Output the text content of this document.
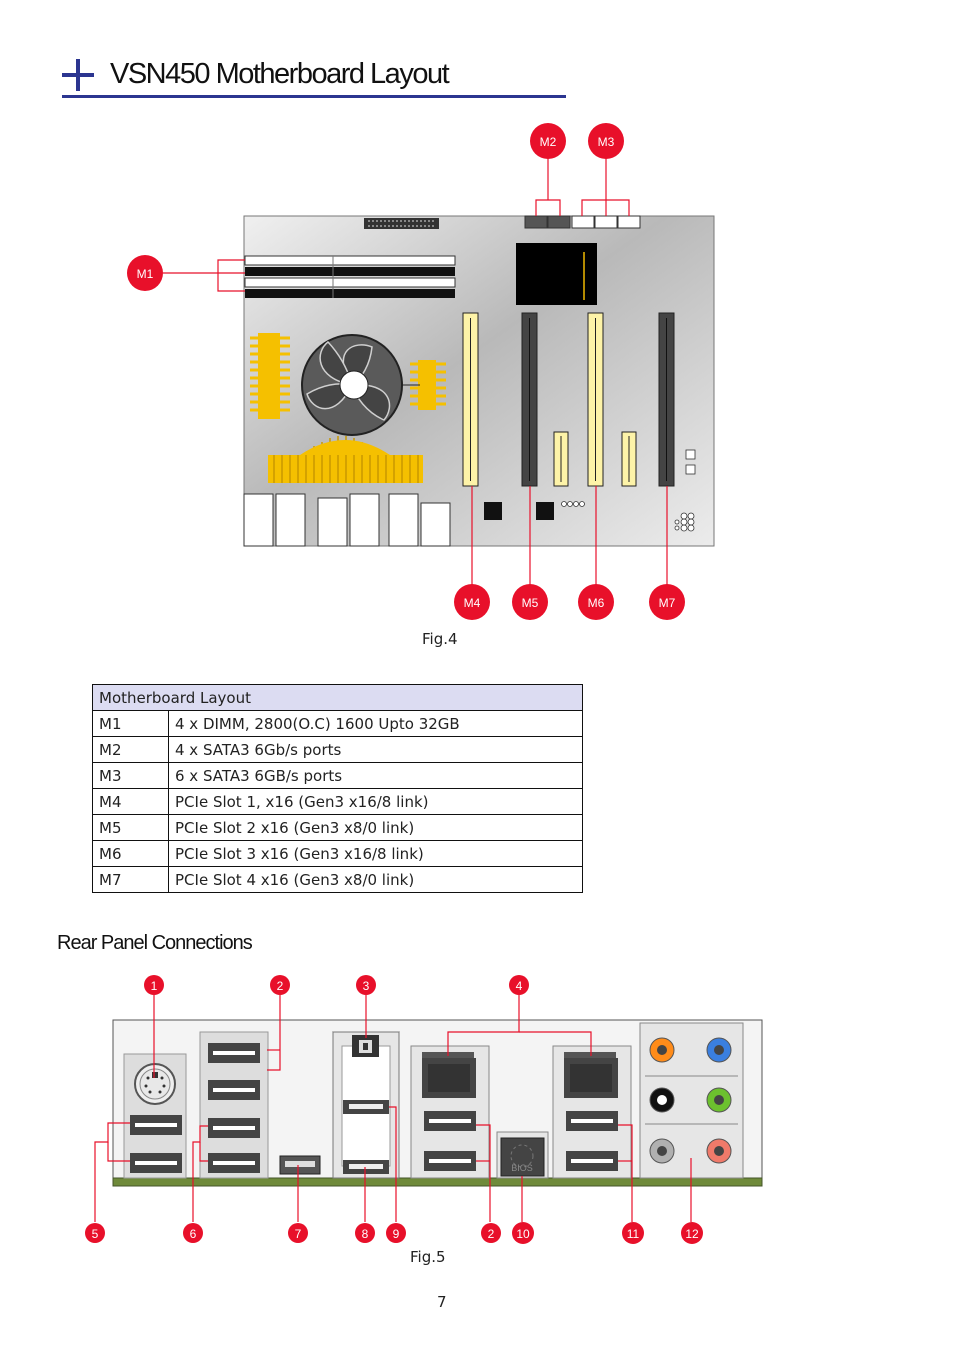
VSN450 Motherboard Layout
M1
M2	M3
M4	M5	M6	M7
Fig.4
Motherboard Layout	
M1	4 x DIMM, 2800(O.C) 1600 Upto 32GB
M2	4 x SATA3 6Gb/s ports
M3	6 x SATA3 6GB/s ports
M4	PCIe Slot 1, x16 (Gen3 x16/8 link)
M5	PCIe Slot 2 x16 (Gen3 x8/0 link)
M6	PCIe Slot 3 x16 (Gen3 x16/8 link)
M7	PCIe Slot 4 x16 (Gen3 x8/0 link)
Rear Panel Connections
BIOS
1	2	3	4
5	6	7	8 9	2 10	11	12
Fig.5
7
